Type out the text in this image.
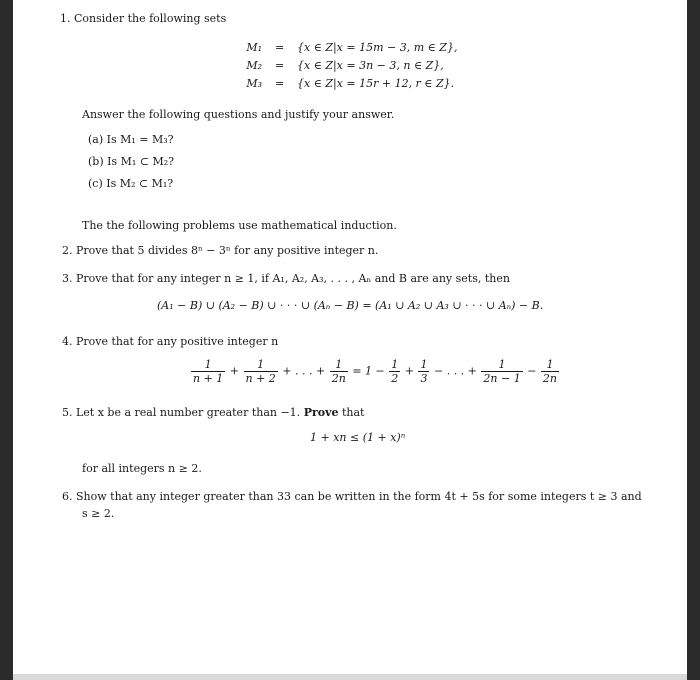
1. Consider the following sets
M₁ = {x ∈ Z|x = 15m − 3, m ∈ Z},
M₂ = {x ∈ Z|x = 3n − 3, n ∈ Z},
M₃ = {x ∈ Z|x = 15r + 12, r ∈ Z}.
Answer the following questions and justify your answer.
(a) Is M₁ = M₃?
(b) Is M₁ ⊂ M₂?
(c) Is M₂ ⊂ M₁?
The the following problems use mathematical induction.
2. Prove that 5 divides 8ⁿ − 3ⁿ for any positive integer n.
3. Prove that for any integer n ≥ 1, if A₁, A₂, A₃, . . . , Aₙ and B are any sets, then
(A₁ − B) ∪ (A₂ − B) ∪ · · · ∪ (Aₙ − B) = (A₁ ∪ A₂ ∪ A₃ ∪ · · · ∪ Aₙ) − B.
4. Prove that for any positive integer n
$\frac{1}{n + 1} + \frac{1}{n + 2}$ + . . . + $\frac{1}{2n} = 1 - \frac{1}{2} + \frac{1}{3}$ − . . . + $\frac{1}{2n - 1} - \frac{1}{2n}$
5. Let x be a real number greater than −1. Prove that
1 + xn ≤ (1 + x)ⁿ
for all integers n ≥ 2.
6. Show that any integer greater than 33 can be written in the form 4t + 5s for some integers t ≥ 3 and
s ≥ 2.
